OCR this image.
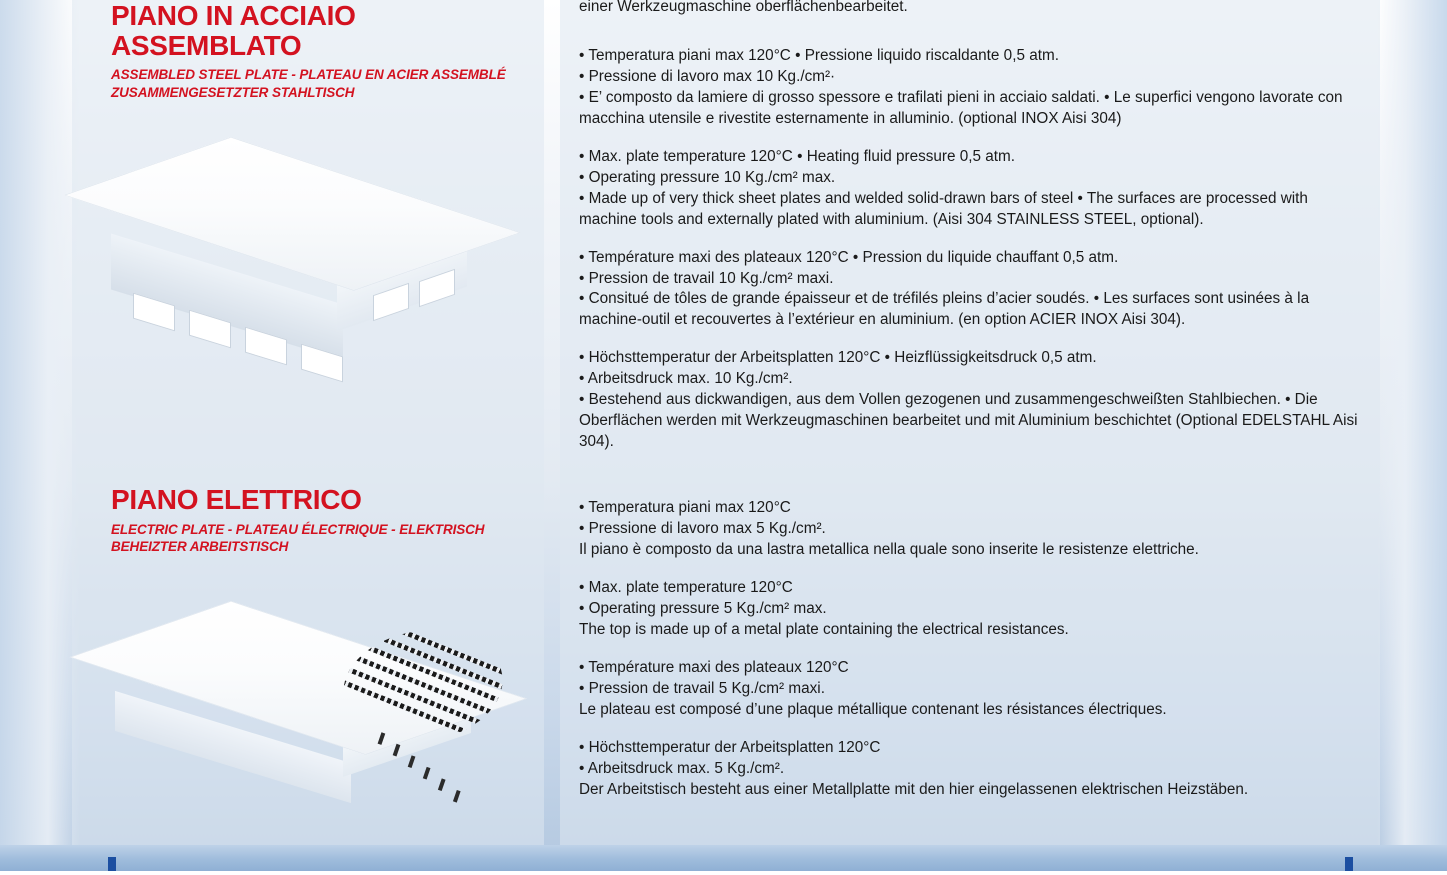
PIANO IN ACCIAIO ASSEMBLATO
ASSEMBLED STEEL PLATE - PLATEAU EN ACIER ASSEMBLÉ ZUSAMMENGESETZTER STAHLTISCH
PIANO ELETTRICO
ELECTRIC PLATE - PLATEAU ÉLECTRIQUE - ELEKTRISCH BEHEIZTER ARBEITSTISCH
einer Werkzeugmaschine oberflächenbearbeitet.
• Temperatura piani max 120°C • Pressione liquido riscaldante 0,5 atm.
• Pressione di lavoro max 10 Kg./cm²·
• E’ composto da lamiere di grosso spessore e trafilati pieni in acciaio saldati. • Le superfici vengono lavorate con macchina utensile e rivestite esternamente in alluminio. (optional INOX Aisi 304)
• Max. plate temperature 120°C • Heating fluid pressure 0,5 atm.
• Operating pressure 10 Kg./cm² max.
• Made up of very thick sheet plates and welded solid-drawn bars of steel • The surfaces are processed with machine tools and externally plated with aluminium. (Aisi 304 STAINLESS STEEL, optional).
• Température maxi des plateaux 120°C • Pression du liquide chauffant 0,5 atm.
• Pression de travail 10 Kg./cm² maxi.
• Consitué de tôles de grande épaisseur et de tréfilés pleins d’acier soudés. • Les surfaces sont usinées à la machine-outil et recouvertes à l’extérieur en aluminium. (en option ACIER INOX Aisi 304).
• Höchsttemperatur der Arbeitsplatten 120°C • Heizflüssigkeitsdruck 0,5 atm.
• Arbeitsdruck max. 10 Kg./cm².
• Bestehend aus dickwandigen, aus dem Vollen gezogenen und zusammengeschweißten Stahlbiechen. • Die Oberflächen werden mit Werkzeugmaschinen bearbeitet und mit Aluminium beschichtet (Optional EDELSTAHL Aisi 304).
• Temperatura piani max 120°C
• Pressione di lavoro max 5 Kg./cm².
Il piano è composto da una lastra metallica nella quale sono inserite le resistenze elettriche.
• Max. plate temperature 120°C
• Operating pressure 5 Kg./cm² max.
The top is made up of a metal plate containing the electrical resistances.
• Température maxi des plateaux 120°C
• Pression de travail 5 Kg./cm² maxi.
Le plateau est composé d’une plaque métallique contenant les résistances électriques.
• Höchsttemperatur der Arbeitsplatten 120°C
• Arbeitsdruck max. 5 Kg./cm².
Der Arbeitstisch besteht aus einer Metallplatte mit den hier eingelassenen elektrischen Heizstäben.
